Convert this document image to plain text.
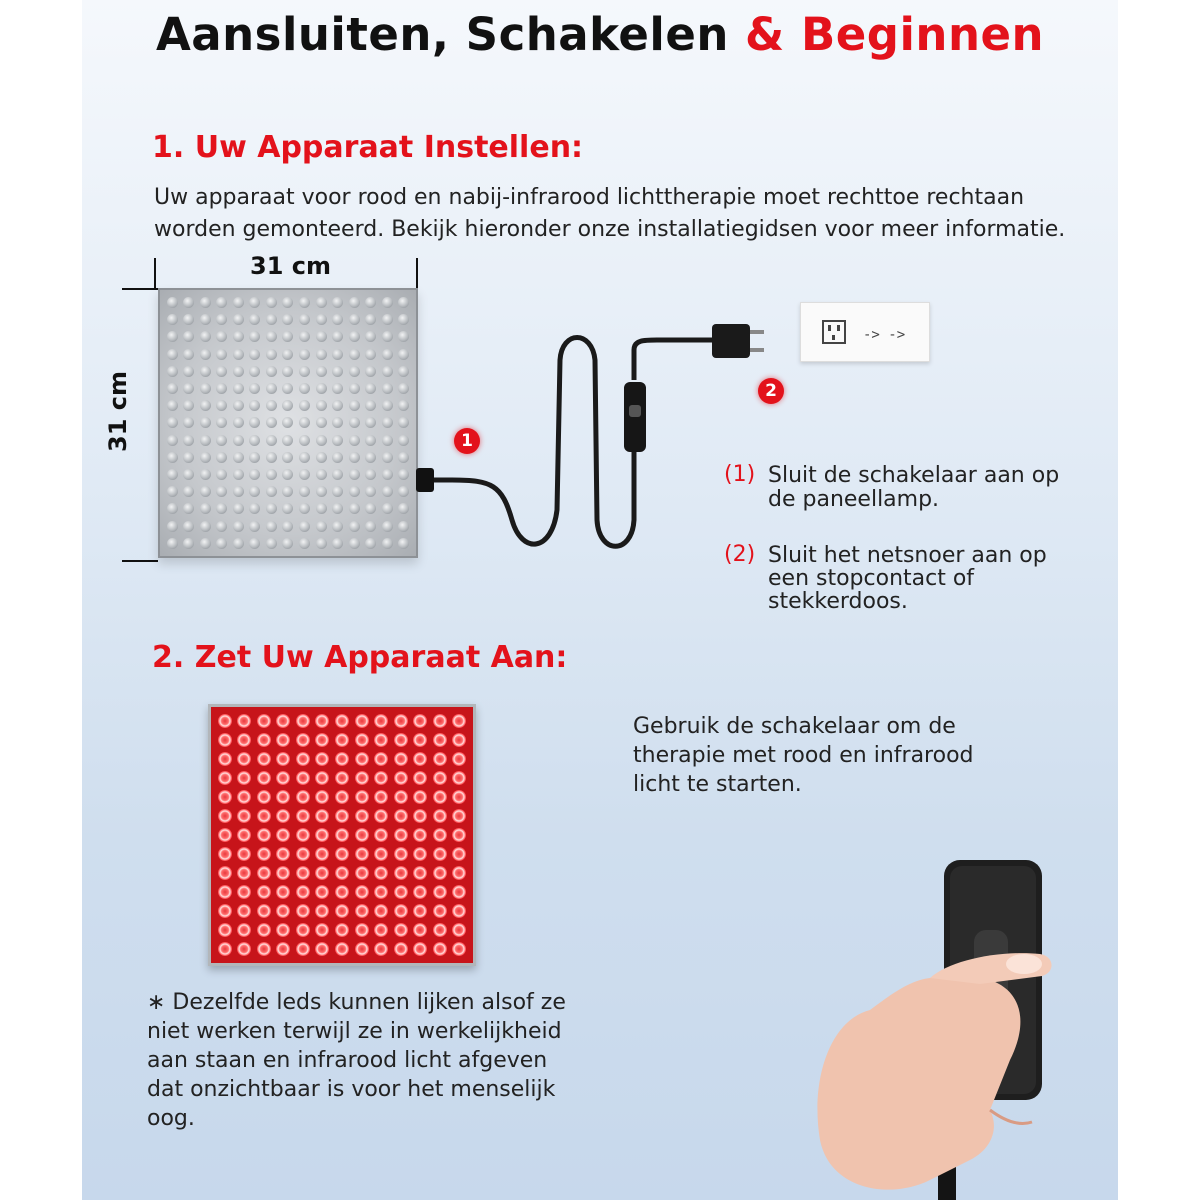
Aansluiten, Schakelen & Beginnen
1. Uw Apparaat Instellen:
Uw apparaat voor rood en nabij-infrarood lichttherapie moet rechttoe rechtaan
worden gemonteerd. Bekijk hieronder onze installatiegidsen voor meer informatie.
31 cm
31 cm
-> ->
1
2
(1) Sluit de schakelaar aan op
de paneellamp.
(2) Sluit het netsnoer aan op
een stopcontact of
stekkerdoos.
2. Zet Uw Apparaat Aan:
Gebruik de schakelaar om de
therapie met rood en infrarood
licht te starten.
∗ Dezelfde leds kunnen lijken alsof ze
niet werken terwijl ze in werkelijkheid
aan staan en infrarood licht afgeven
dat onzichtbaar is voor het menselijk
oog.
